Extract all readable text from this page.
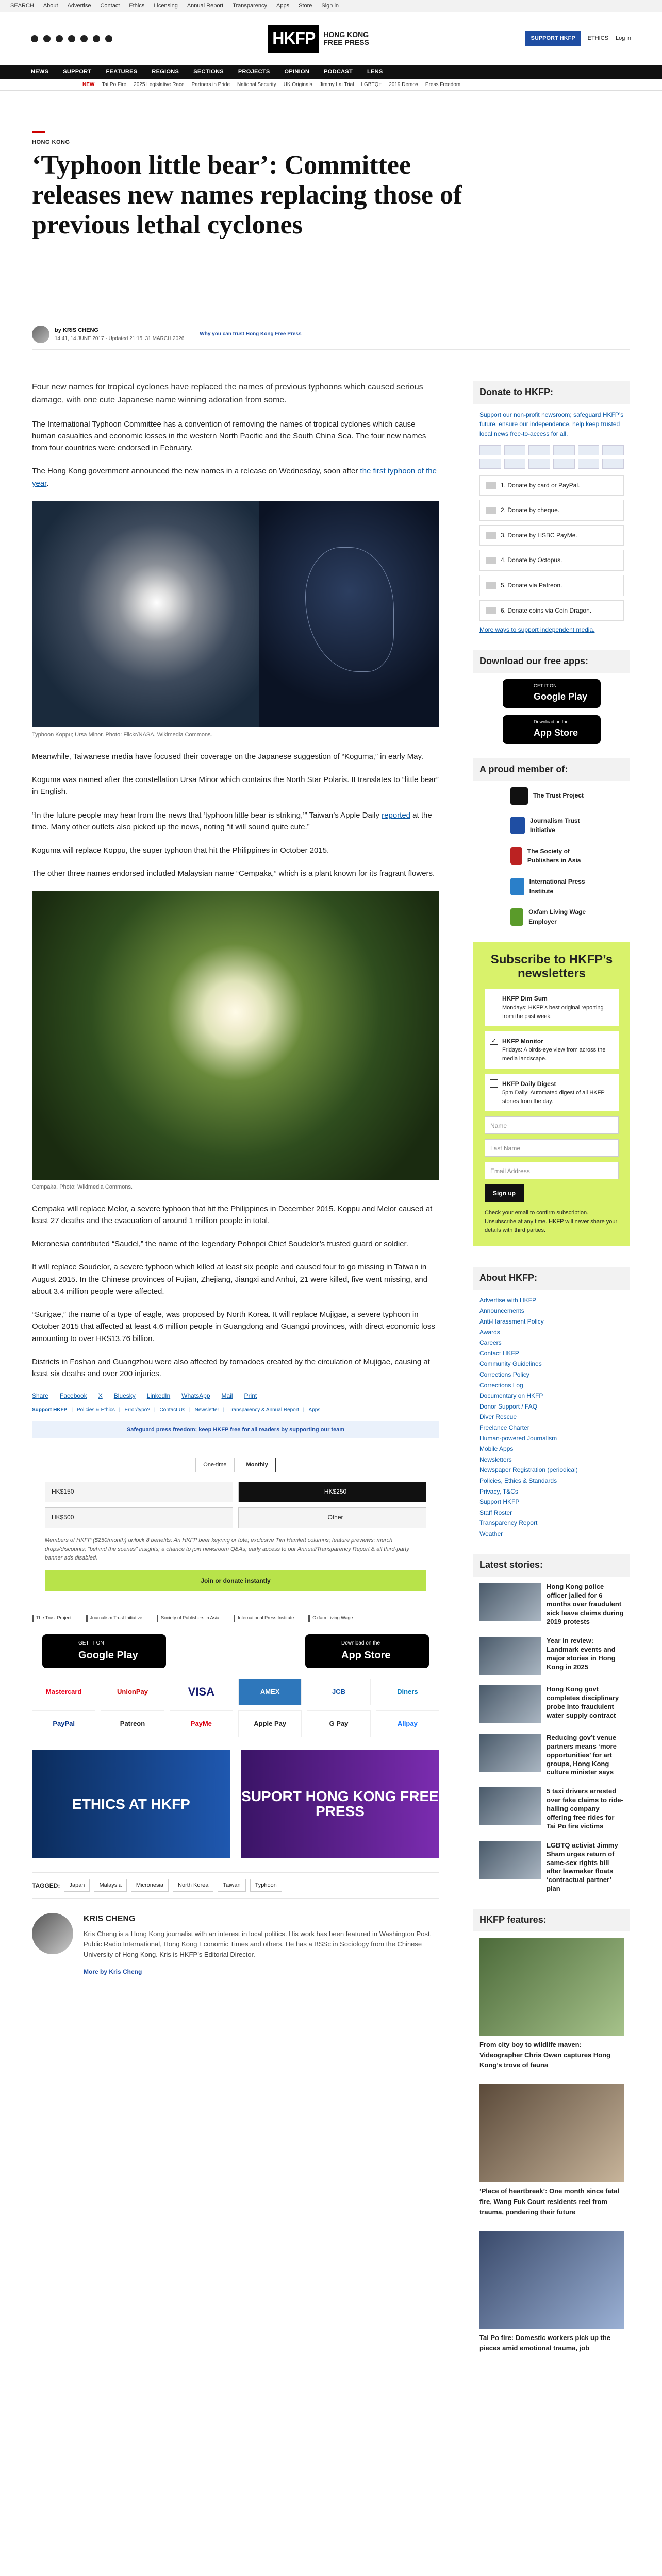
SEARCH About Advertise Contact Ethics Licensing Annual Report Transparency Apps Store Sign in
HKFP	HONG KONG FREE PRESS	SUPPORT HKFP	ETHICS Log in
NEWS	SUPPORT	FEATURES	REGIONS	SECTIONS	PROJECTS	OPINION	PODCAST	LENS
NEW Tai Po Fire 2025 Legislative Race Partners in Pride National Security UK Originals Jimmy Lai Trial LGBTQ+ 2019 Demos Press Freedom
HONG KONG
‘Typhoon little bear’: Committee releases new names replacing those of previous lethal cyclones
by KRIS CHENG
14:41, 14 JUNE 2017 · Updated 21:15, 31 MARCH 2026
Why you can trust Hong Kong Free Press

Four new names for tropical cyclones have replaced the names of previous typhoons which caused serious damage, with one cute Japanese name winning adoration from some.

The International Typhoon Committee has a convention of removing the names of tropical cyclones which cause human casualties and economic losses in the western North Pacific and the South China Sea. The four new names from four countries were endorsed in February.

The Hong Kong government announced the new names in a release on Wednesday, soon after the first typhoon of the year.

Typhoon Koppu; Ursa Minor. Photo: Flickr/NASA, Wikimedia Commons.

Meanwhile, Taiwanese media have focused their coverage on the Japanese suggestion of “Koguma,” in early May.

Koguma was named after the constellation Ursa Minor which contains the North Star Polaris. It translates to “little bear” in English.

“In the future people may hear from the news that ‘typhoon little bear is striking,’” Taiwan’s Apple Daily reported at the time. Many other outlets also picked up the news, noting “it will sound quite cute.”

Koguma will replace Koppu, the super typhoon that hit the Philippines in October 2015.

The other three names endorsed included Malaysian name “Cempaka,” which is a plant known for its fragrant flowers.

Cempaka. Photo: Wikimedia Commons.

Cempaka will replace Melor, a severe typhoon that hit the Philippines in December 2015. Koppu and Melor caused at least 27 deaths and the evacuation of around 1 million people in total.

Micronesia contributed “Saudel,” the name of the legendary Pohnpei Chief Soudelor’s trusted guard or soldier.

It will replace Soudelor, a severe typhoon which killed at least six people and caused four to go missing in Taiwan in August 2015. In the Chinese provinces of Fujian, Zhejiang, Jiangxi and Anhui, 21 were killed, five went missing, and about 3.4 million people were affected.

“Surigae,” the name of a type of eagle, was proposed by North Korea. It will replace Mujigae, a severe typhoon in October 2015 that affected at least 4.6 million people in Guangdong and Guangxi provinces, with direct economic loss amounting to over HK$13.76 billion.

Districts in Foshan and Guangzhou were also affected by tornadoes created by the circulation of Mujigae, causing at least six deaths and over 200 injuries.

Share Facebook X Bluesky LinkedIn WhatsApp Mail Print
Support HKFP | Policies & Ethics | Error/typo? | Contact Us | Newsletter | Transparency & Annual Report | Apps
Safeguard press freedom; keep HKFP free for all readers by supporting our team
One-time	Monthly
HK$150	HK$250
HK$500	Other
Members of HKFP ($250/month) unlock 8 benefits: An HKFP beer keyring or tote; exclusive Tim Hamlett columns; feature previews; merch drops/discounts; “behind the scenes” insights; a chance to join newsroom Q&As; early access to our Annual/Transparency Report & all third-party banner ads disabled.
Join or donate instantly
The Trust Project	Journalism Trust Initiative	Society of Publishers in Asia	International Press Institute	Oxfam Living Wage
GET IT ON
Google Play
Download on the
App Store
Mastercard	UnionPay	VISA	AMEX	JCB	Diners
PayPal	Patreon	PayMe	Apple Pay	G Pay	Alipay
ETHICS AT HKFP	SUPORT HONG KONG FREE PRESS
TAGGED:	Japan	Malaysia	Micronesia	North Korea	Taiwan	Typhoon
KRIS CHENG

Kris Cheng is a Hong Kong journalist with an interest in local politics. His work has been featured in Washington Post, Public Radio International, Hong Kong Economic Times and others. He has a BSSc in Sociology from the Chinese University of Hong Kong. Kris is HKFP’s Editorial Director.

More by Kris Cheng
Donate to HKFP:

Support our non-profit newsroom; safeguard HKFP’s future, ensure our independence, help keep trusted local news free-to-access for all.

1. Donate by card or PayPal.
2. Donate by cheque.
3. Donate by HSBC PayMe.
4. Donate by Octopus.
5. Donate via Patreon.
6. Donate coins via Coin Dragon.
More ways to support independent media.
Download our free apps:
GET IT ON
Google Play
Download on the
App Store
A proud member of:
The Trust Project
Journalism Trust Initiative
The Society of Publishers in Asia
International Press Institute
Oxfam Living Wage Employer
Subscribe to HKFP’s newsletters
HKFP Dim Sum
Mondays: HKFP’s best original reporting from the past week.
✓ HKFP Monitor
Fridays: A birds-eye view from across the media landscape.
HKFP Daily Digest
5pm Daily: Automated digest of all HKFP stories from the day.
Name
Last Name
Email Address
Sign up

Check your email to confirm subscription. Unsubscribe at any time. HKFP will never share your details with third parties.

About HKFP:
Advertise with HKFP
Announcements
Anti-Harassment Policy
Awards
Careers
Contact HKFP
Community Guidelines
Corrections Policy
Corrections Log
Documentary on HKFP
Donor Support / FAQ
Diver Rescue
Freelance Charter
Human-powered Journalism
Mobile Apps
Newsletters
Newspaper Registration (periodical)
Policies, Ethics & Standards
Privacy, T&Cs
Support HKFP
Staff Roster
Transparency Report
Weather
Latest stories:
Hong Kong police officer jailed for 6 months over fraudulent sick leave claims during 2019 protests
Year in review: Landmark events and major stories in Hong Kong in 2025
Hong Kong govt completes disciplinary probe into fraudulent water supply contract
Reducing gov’t venue partners means ‘more opportunities’ for art groups, Hong Kong culture minister says
5 taxi drivers arrested over fake claims to ride-hailing company offering free rides for Tai Po fire victims
LGBTQ activist Jimmy Sham urges return of same-sex rights bill after lawmaker floats ‘contractual partner’ plan
HKFP features:
From city boy to wildlife maven: Videographer Chris Owen captures Hong Kong’s trove of fauna
‘Place of heartbreak’: One month since fatal fire, Wang Fuk Court residents reel from trauma, pondering their future
Tai Po fire: Domestic workers pick up the pieces amid emotional trauma, job
